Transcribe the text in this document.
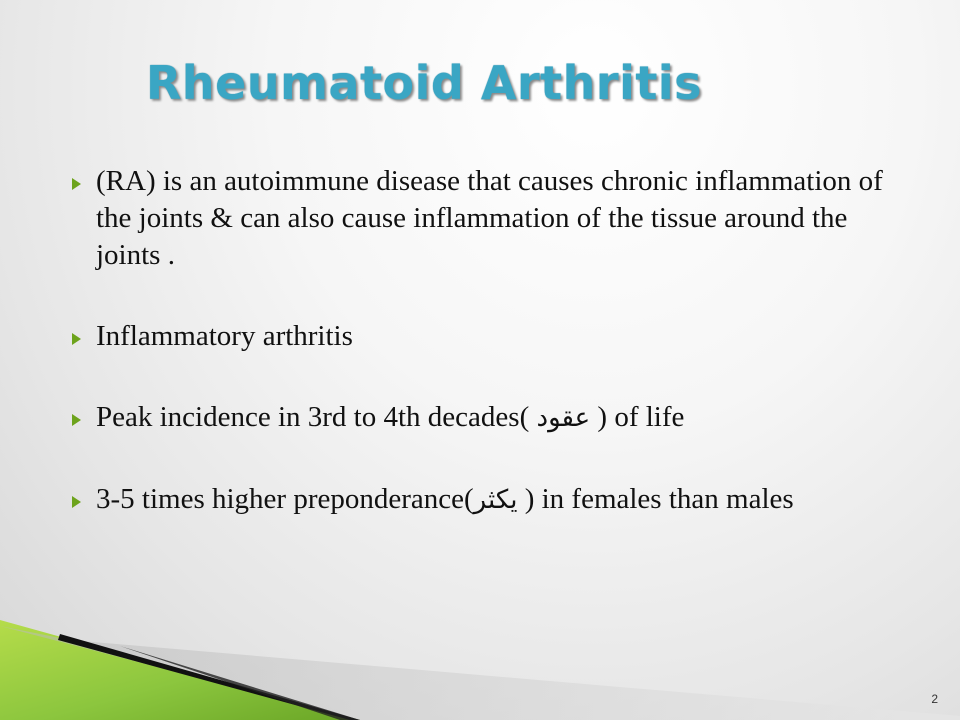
Rheumatoid Arthritis
(RA) is an autoimmune disease that causes chronic inflammation of the joints & can also cause inflammation of the tissue around the joints .
Inflammatory arthritis
Peak incidence in 3rd to 4th decades( عقود ) of life
3-5 times higher preponderance(يكثر ) in females than males
2
